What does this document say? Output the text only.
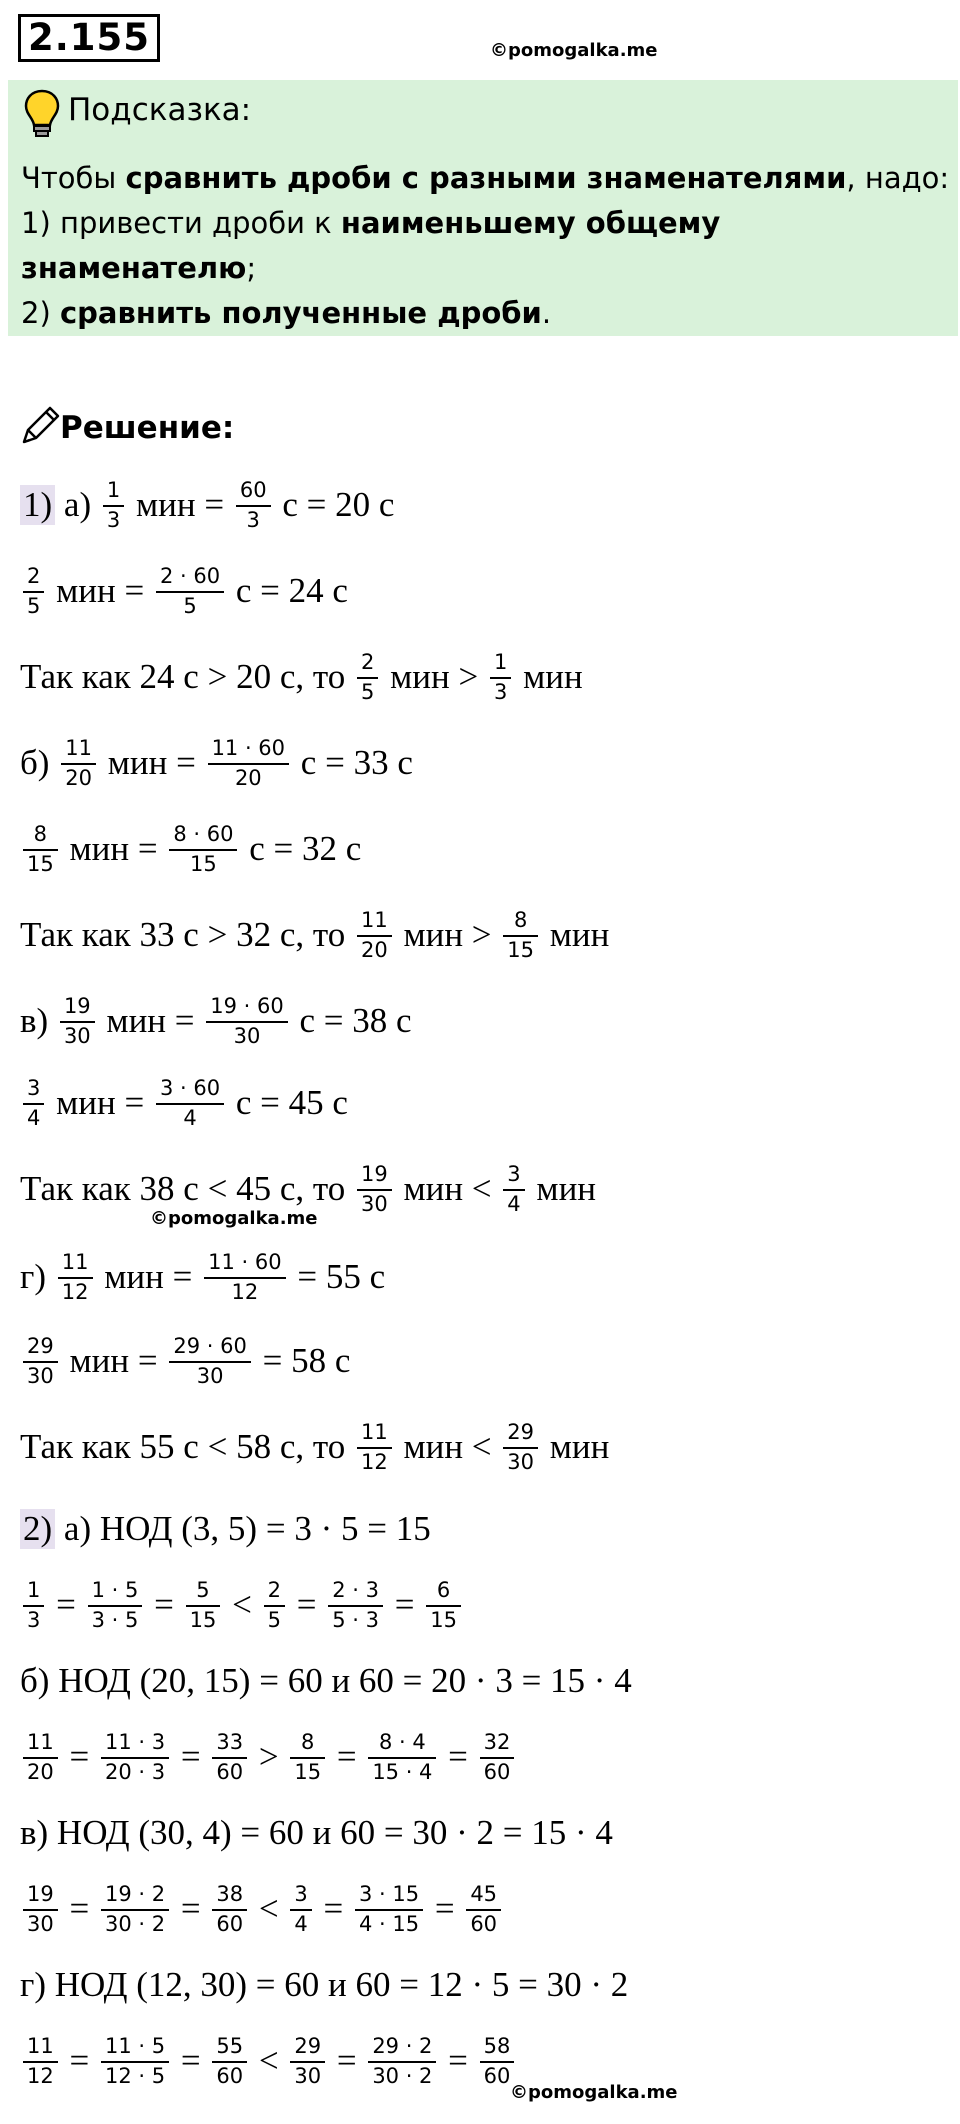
2.155	©pomogalka.me
Подсказка:
Чтобы сравнить дроби с разными знаменателями, надо:
1) привести дроби к наименьшему общему знаменателю;
2) сравнить полученные дроби.
Решение:
1) $а) \frac{1}{3}$ мин = $\frac{60}{3}$ с = 20 с
$\frac{2}{5}$ мин = $\frac{2 \cdot 60}{5}$ с = 24 с
Так как 24 с > 20 с, то $\frac{2}{5}$ мин > $\frac{1}{3}$ мин
$б) \frac{11}{20}$ мин = $\frac{11 \cdot 60}{20}$ с = 33 с
$\frac{8}{15}$ мин = $\frac{8 \cdot 60}{15}$ с = 32 с
Так как 33 с > 32 с, то $\frac{11}{20}$ мин > $\frac{8}{15}$ мин
$в) \frac{19}{30}$ мин = $\frac{19 \cdot 60}{30}$ с = 38 с
$\frac{3}{4}$ мин = $\frac{3 \cdot 60}{4}$ с = 45 с
Так как 38 с < 45 с, то $\frac{19}{30}$ мин < $\frac{3}{4}$ мин
$г) \frac{11}{12}$ мин = $\frac{11 \cdot 60}{12} = 55$ с
$\frac{29}{30}$ мин = $\frac{29 \cdot 60}{30} = 58$ с
Так как 55 с < 58 с, то $\frac{11}{12}$ мин < $\frac{29}{30}$ мин
2) а) НОД (3, 5) = 3 · 5 = 15
$\frac{1}{3} = \frac{1 \cdot 5}{3 \cdot 5} = \frac{5}{15} < \frac{2}{5} = \frac{2 \cdot 3}{5 \cdot 3} = \frac{6}{15}$
б) НОД (20, 15) = 60 и 60 = 20 · 3 = 15 · 4
$\frac{11}{20} = \frac{11 \cdot 3}{20 \cdot 3} = \frac{33}{60} > \frac{8}{15} = \frac{8 \cdot 4}{15 \cdot 4} = \frac{32}{60}$
в) НОД (30, 4) = 60 и 60 = 30 · 2 = 15 · 4
$\frac{19}{30} = \frac{19 \cdot 2}{30 \cdot 2} = \frac{38}{60} < \frac{3}{4} = \frac{3 \cdot 15}{4 \cdot 15} = \frac{45}{60}$
г) НОД (12, 30) = 60 и 60 = 12 · 5 = 30 · 2
$\frac{11}{12} = \frac{11 \cdot 5}{12 \cdot 5} = \frac{55}{60} < \frac{29}{30} = \frac{29 \cdot 2}{30 \cdot 2} = \frac{58}{60}$
©pomogalka.me
©pomogalka.me
